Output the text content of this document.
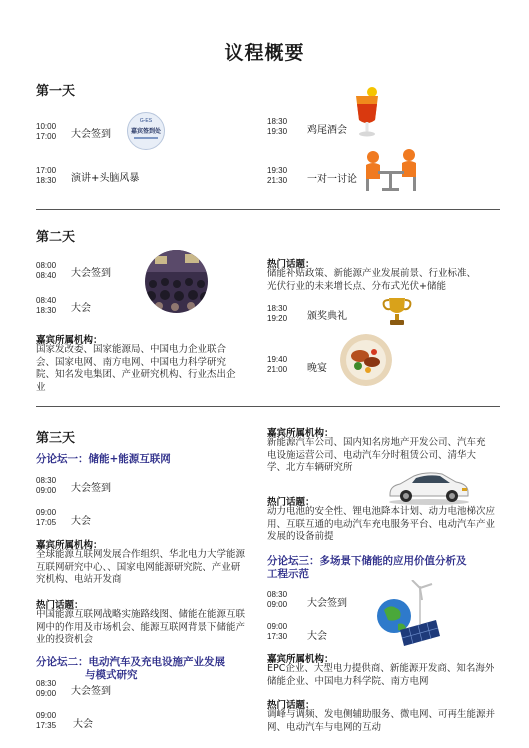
议程概要
第一天
10:00
17:00 大会签到
G-ES
嘉宾签到处
17:00
18:30 演讲+头脑风暴
18:30
19:30 鸡尾酒会
19:30
21:30 一对一讨论
第二天
08:00
08:40 大会签到
08:40
18:30 大会
热门话题：
储能补贴政策、新能源产业发展前景、行业标准、
光伏行业的未来增长点、分布式光伏+储能
18:30
19:20 颁奖典礼
19:40
21:00 晚宴
嘉宾所属机构：
国家发改委、国家能源局、中国电力企业联合
会、国家电网、南方电网、中国电力科学研究
院、知名发电集团、产业研究机构、行业杰出企
业
第三天
分论坛一：储能+能源互联网
08:30
09:00 大会签到
09:00
17:05 大会
嘉宾所属机构：
全球能源互联网发展合作组织、华北电力大学能源
互联网研究中心、、国家电网能源研究院、产业研
究机构、电站开发商
热门话题：
中国能源互联网战略实施路线图、储能在能源互联
网中的作用及市场机会、能源互联网背景下储能产
业的投资机会
分论坛二：电动汽车及充电设施产业发展
与模式研究
08:30
09:00 大会签到
09:00
17:35 大会
嘉宾所属机构：
新能源汽车公司、国内知名房地产开发公司、汽车充
电设施运营公司、电动汽车分时租赁公司、清华大
学、北方车辆研究所
热门话题：
动力电池的安全性、锂电池降本计划、动力电池梯次应
用、互联互通的电动汽车充电服务平台、电动汽车产业
发展的设备前提
分论坛三：多场景下储能的应用价值分析及
工程示范
08:30
09:00 大会签到
09:00
17:30 大会
嘉宾所属机构：
EPC企业、大型电力提供商、新能源开发商、知名海外
储能企业、中国电力科学院、南方电网
热门话题：
调峰与调频、发电侧辅助服务、微电网、可再生能源并
网、电动汽车与电网的互动
